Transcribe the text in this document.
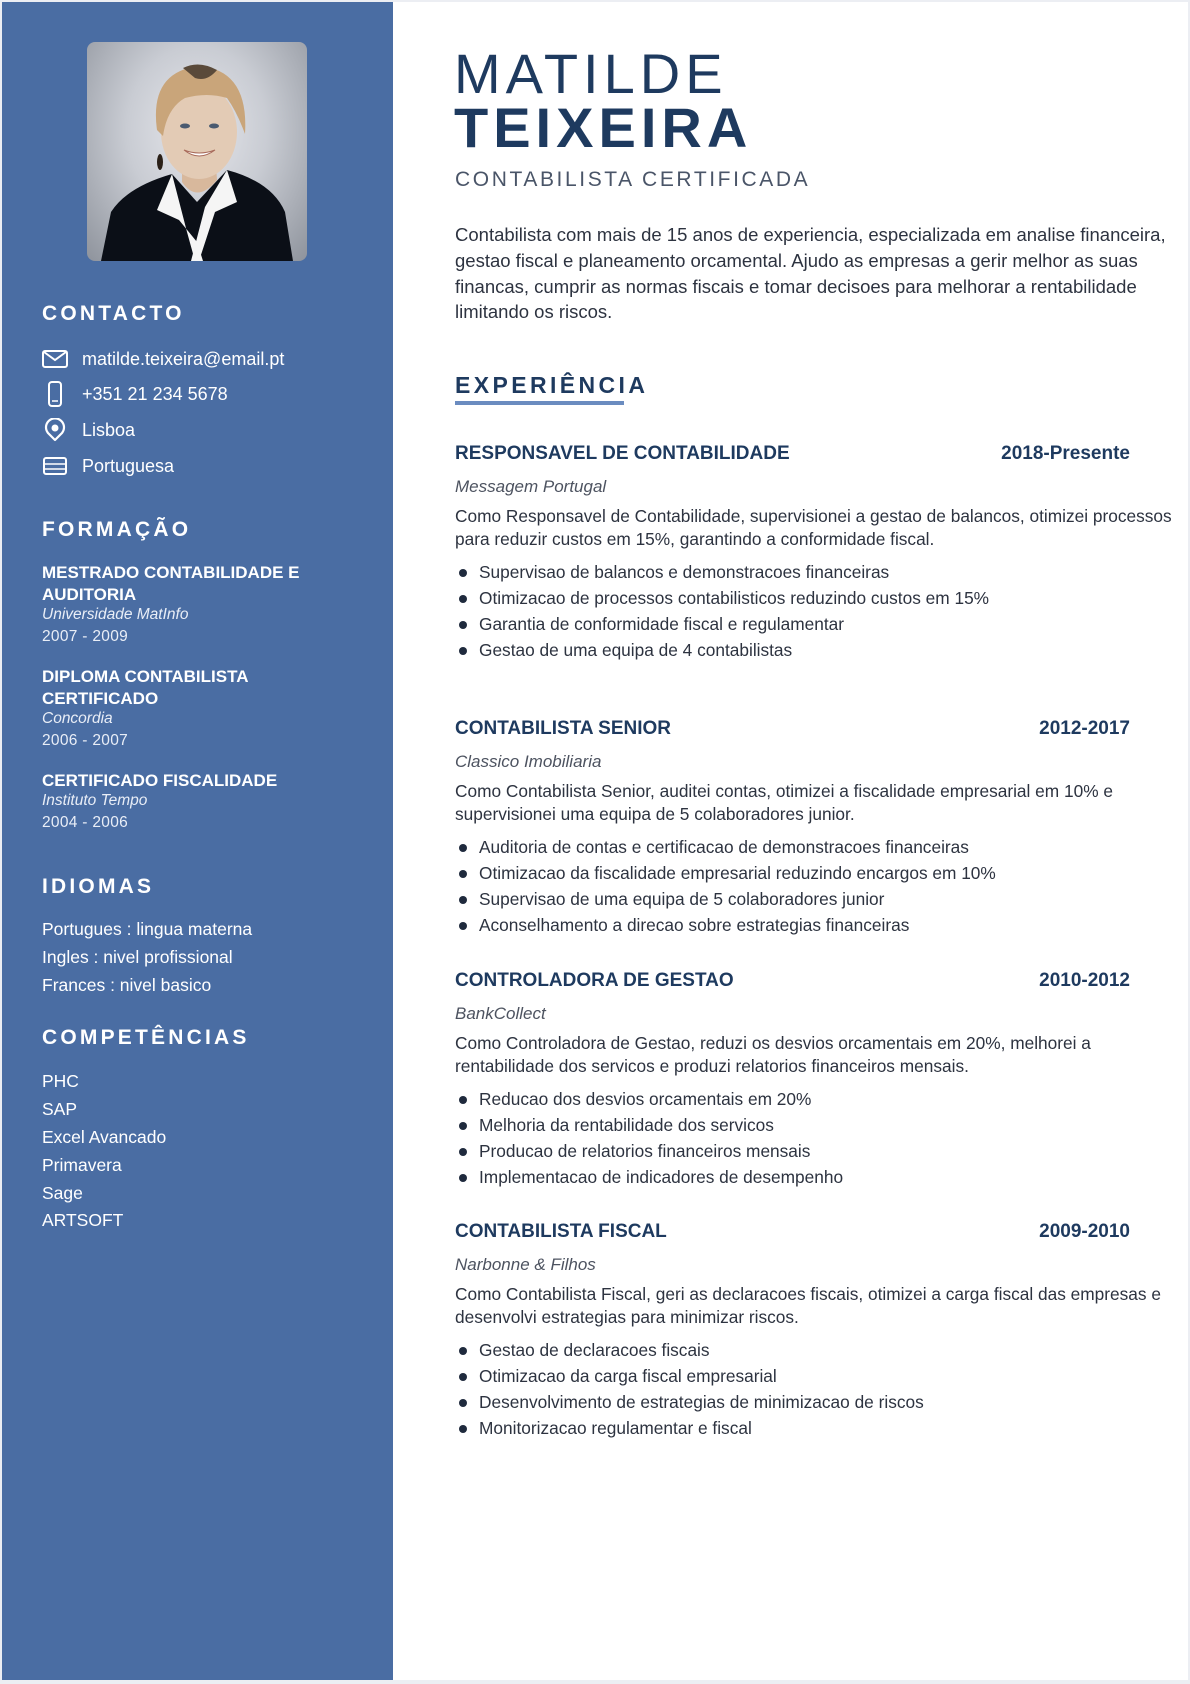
CONTACTO
matilde.teixeira@email.pt
+351 21 234 5678
Lisboa
Portuguesa
FORMAÇÃO
MESTRADO CONTABILIDADE E AUDITORIA
Universidade MatInfo
2007 - 2009
DIPLOMA CONTABILISTA CERTIFICADO
Concordia
2006 - 2007
CERTIFICADO FISCALIDADE
Instituto Tempo
2004 - 2006
IDIOMAS
Portugues : lingua materna
Ingles : nivel profissional
Frances : nivel basico
COMPETÊNCIAS
PHC
SAP
Excel Avancado
Primavera
Sage
ARTSOFT
MATILDE
TEIXEIRA
CONTABILISTA CERTIFICADA

Contabilista com mais de 15 anos de experiencia, especializada em analise financeira, gestao fiscal e planeamento orcamental. Ajudo as empresas a gerir melhor as suas financas, cumprir as normas fiscais e tomar decisoes para melhorar a rentabilidade limitando os riscos.

EXPERIÊNCIA
RESPONSAVEL DE CONTABILIDADE	2018-Presente
Messagem Portugal

Como Responsavel de Contabilidade, supervisionei a gestao de balancos, otimizei processos para reduzir custos em 15%, garantindo a conformidade fiscal.

Supervisao de balancos e demonstracoes financeiras
Otimizacao de processos contabilisticos reduzindo custos em 15%
Garantia de conformidade fiscal e regulamentar
Gestao de uma equipa de 4 contabilistas
CONTABILISTA SENIOR	2012-2017
Classico Imobiliaria

Como Contabilista Senior, auditei contas, otimizei a fiscalidade empresarial em 10% e supervisionei uma equipa de 5 colaboradores junior.

Auditoria de contas e certificacao de demonstracoes financeiras
Otimizacao da fiscalidade empresarial reduzindo encargos em 10%
Supervisao de uma equipa de 5 colaboradores junior
Aconselhamento a direcao sobre estrategias financeiras
CONTROLADORA DE GESTAO	2010-2012
BankCollect

Como Controladora de Gestao, reduzi os desvios orcamentais em 20%, melhorei a rentabilidade dos servicos e produzi relatorios financeiros mensais.

Reducao dos desvios orcamentais em 20%
Melhoria da rentabilidade dos servicos
Producao de relatorios financeiros mensais
Implementacao de indicadores de desempenho
CONTABILISTA FISCAL	2009-2010
Narbonne & Filhos

Como Contabilista Fiscal, geri as declaracoes fiscais, otimizei a carga fiscal das empresas e desenvolvi estrategias para minimizar riscos.

Gestao de declaracoes fiscais
Otimizacao da carga fiscal empresarial
Desenvolvimento de estrategias de minimizacao de riscos
Monitorizacao regulamentar e fiscal
